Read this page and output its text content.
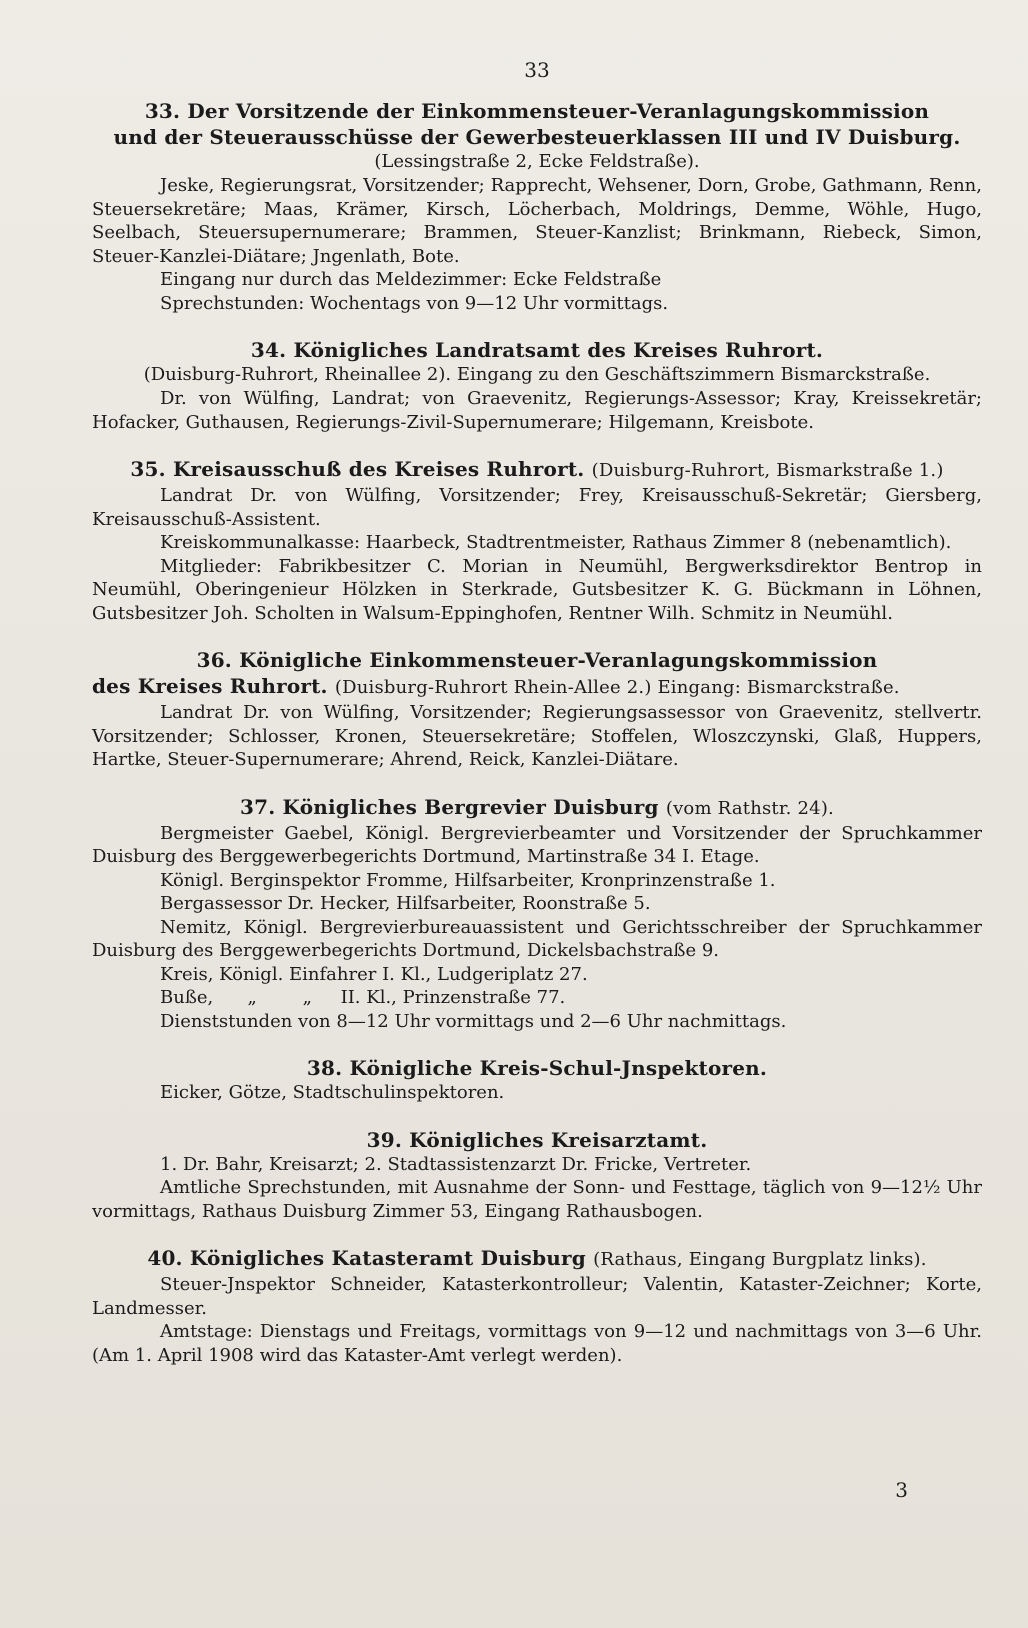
33

33. Der Vorsitzende der Einkommensteuer-Veranlagungskommission

und der Steuerausschüsse der Gewerbesteuerklassen III und IV Duisburg.

(Lessingstraße 2, Ecke Feldstraße).

Jeske, Regierungsrat, Vorsitzender; Rapprecht, Wehsener, Dorn, Grobe, Gathmann, Renn, Steuersekretäre; Maas, Krämer, Kirsch, Löcherbach, Moldrings, Demme, Wöhle, Hugo, Seelbach, Steuersupernumerare; Brammen, Steuer-Kanzlist; Brinkmann, Riebeck, Simon, Steuer-Kanzlei-Diätare; Jngenlath, Bote.

Eingang nur durch das Meldezimmer: Ecke Feldstraße

Sprechstunden: Wochentags von 9—12 Uhr vormittags.

34. Königliches Landratsamt des Kreises Ruhrort.

(Duisburg-Ruhrort, Rheinallee 2). Eingang zu den Geschäftszimmern Bismarckstraße.

Dr. von Wülfing, Landrat; von Graevenitz, Regierungs-Assessor; Kray, Kreissekretär; Hofacker, Guthausen, Regierungs-Zivil-Supernumerare; Hilgemann, Kreisbote.

35. Kreisausschuß des Kreises Ruhrort. (Duisburg-Ruhrort, Bismarkstraße 1.)

Landrat Dr. von Wülfing, Vorsitzender; Frey, Kreisausschuß-Sekretär; Giersberg, Kreisausschuß-Assistent.

Kreiskommunalkasse: Haarbeck, Stadtrentmeister, Rathaus Zimmer 8 (nebenamtlich).

Mitglieder: Fabrikbesitzer C. Morian in Neumühl, Bergwerksdirektor Bentrop in Neumühl, Oberingenieur Hölzken in Sterkrade, Gutsbesitzer K. G. Bückmann in Löhnen, Gutsbesitzer Joh. Scholten in Walsum-Eppinghofen, Rentner Wilh. Schmitz in Neumühl.

36. Königliche Einkommensteuer-Veranlagungskommission

des Kreises Ruhrort. (Duisburg-Ruhrort Rhein-Allee 2.) Eingang: Bismarckstraße.

Landrat Dr. von Wülfing, Vorsitzender; Regierungsassessor von Graevenitz, stellvertr. Vorsitzender; Schlosser, Kronen, Steuersekretäre; Stoffelen, Wloszczynski, Glaß, Huppers, Hartke, Steuer-Supernumerare; Ahrend, Reick, Kanzlei-Diätare.

37. Königliches Bergrevier Duisburg (vom Rathstr. 24).

Bergmeister Gaebel, Königl. Bergrevierbeamter und Vorsitzender der Spruchkammer Duisburg des Berggewerbegerichts Dortmund, Martinstraße 34 I. Etage.

Königl. Berginspektor Fromme, Hilfsarbeiter, Kronprinzenstraße 1.

Bergassessor Dr. Hecker, Hilfsarbeiter, Roonstraße 5.

Nemitz, Königl. Bergrevierbureauassistent und Gerichtsschreiber der Spruchkammer Duisburg des Berggewerbegerichts Dortmund, Dickelsbachstraße 9.

Kreis, Königl. Einfahrer I. Kl., Ludgeriplatz 27.

Buße,      „        „     II. Kl., Prinzenstraße 77.

Dienststunden von 8—12 Uhr vormittags und 2—6 Uhr nachmittags.

38. Königliche Kreis-Schul-Jnspektoren.

Eicker, Götze, Stadtschulinspektoren.

39. Königliches Kreisarztamt.

1. Dr. Bahr, Kreisarzt; 2. Stadtassistenzarzt Dr. Fricke, Vertreter.

Amtliche Sprechstunden, mit Ausnahme der Sonn- und Festtage, täglich von 9—12½ Uhr vormittags, Rathaus Duisburg Zimmer 53, Eingang Rathausbogen.

40. Königliches Katasteramt Duisburg (Rathaus, Eingang Burgplatz links).

Steuer-Jnspektor Schneider, Katasterkontrolleur; Valentin, Kataster-Zeichner; Korte, Landmesser.

Amtstage: Dienstags und Freitags, vormittags von 9—12 und nachmittags von 3—6 Uhr. (Am 1. April 1908 wird das Kataster-Amt verlegt werden).

3
